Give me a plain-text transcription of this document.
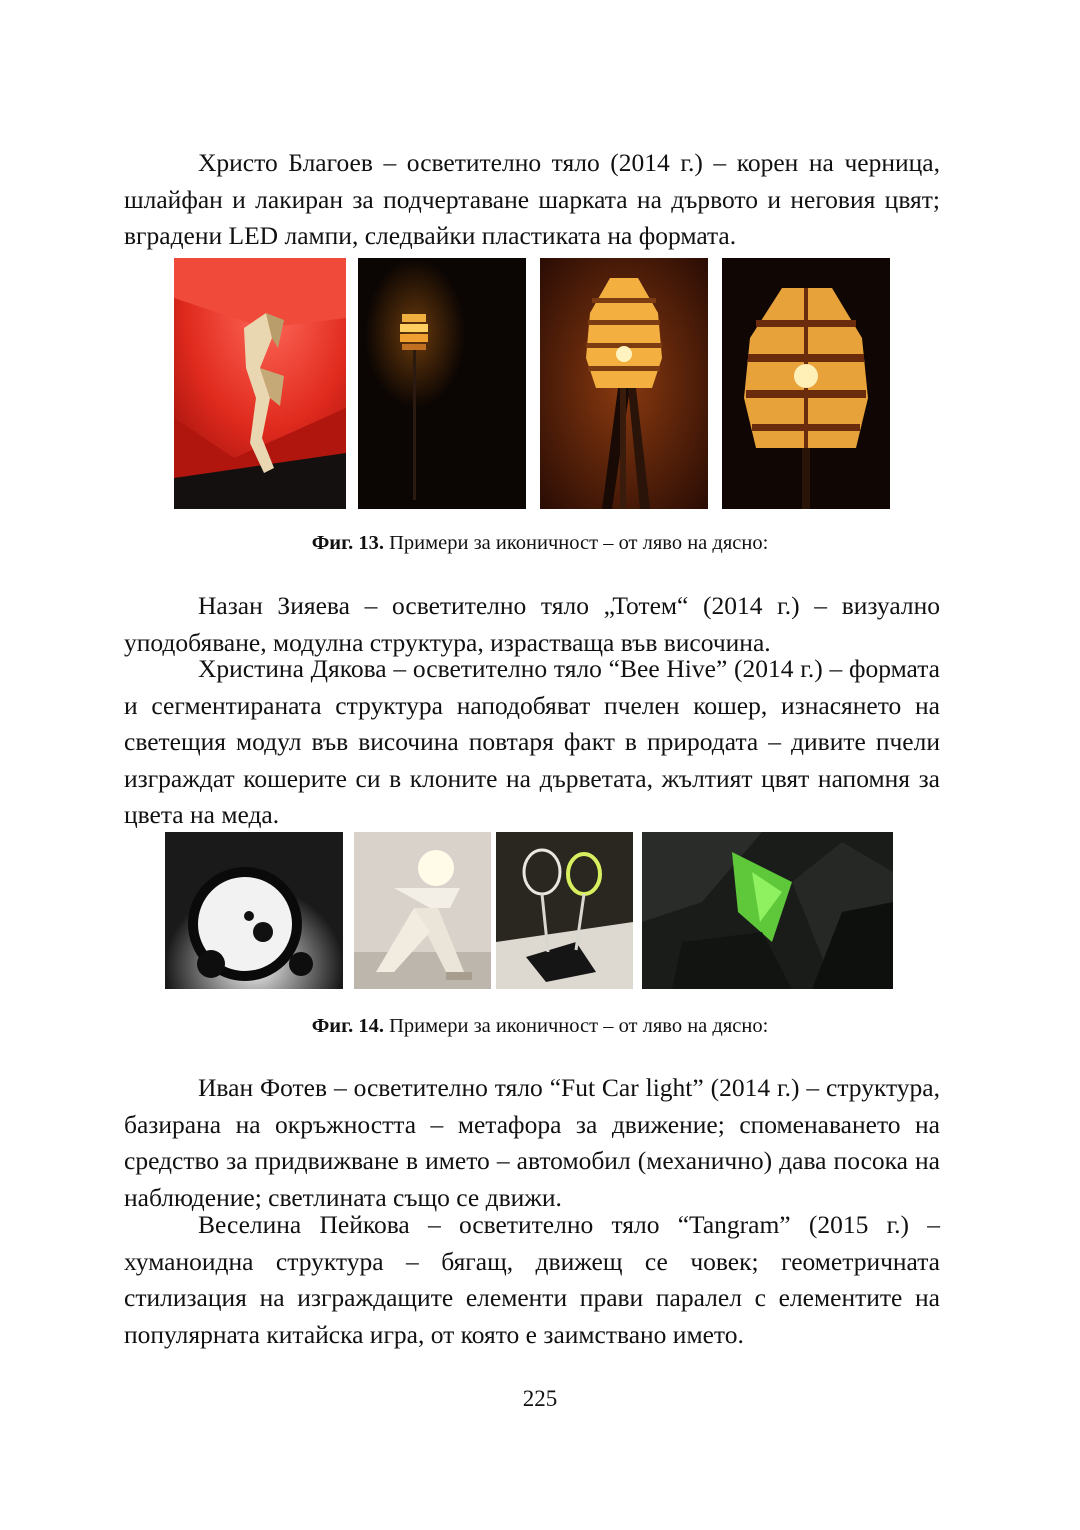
Христо Благоев – осветително тяло (2014 г.) – корен на черница, шлайфан и лакиран за подчертаване шарката на дървото и неговия цвят; вградени LED лампи, следвайки пластиката на формата.

Фиг. 13. Примери за иконичност – от ляво на дясно:

Назан Зияева – осветително тяло „Тотем“ (2014 г.) – визуално уподобяване, модулна структура, израстваща във височина.

Христина Дякова – осветително тяло “Bee Hive” (2014 г.) – формата и сегментираната структура наподобяват пчелен кошер, изнасянето на светещия модул във височина повтаря факт в природата – дивите пчели изграждат кошерите си в клоните на дърветата, жълтият цвят напомня за цвета на меда.

Фиг. 14. Примери за иконичност – от ляво на дясно:

Иван Фотев – осветително тяло “Fut Car light” (2014 г.) – структура, базирана на окръжността – метафора за движение; споменаването на средство за придвижване в името – автомобил (механично) дава посока на наблюдение; светлината също се движи.

Веселина Пейкова – осветително тяло “Tangram” (2015 г.) – хуманоидна структура – бягащ, движещ се човек; геометричната стилизация на изграждащите елементи прави паралел с елементите на популярната китайска игра, от която е заимствано името.

225
